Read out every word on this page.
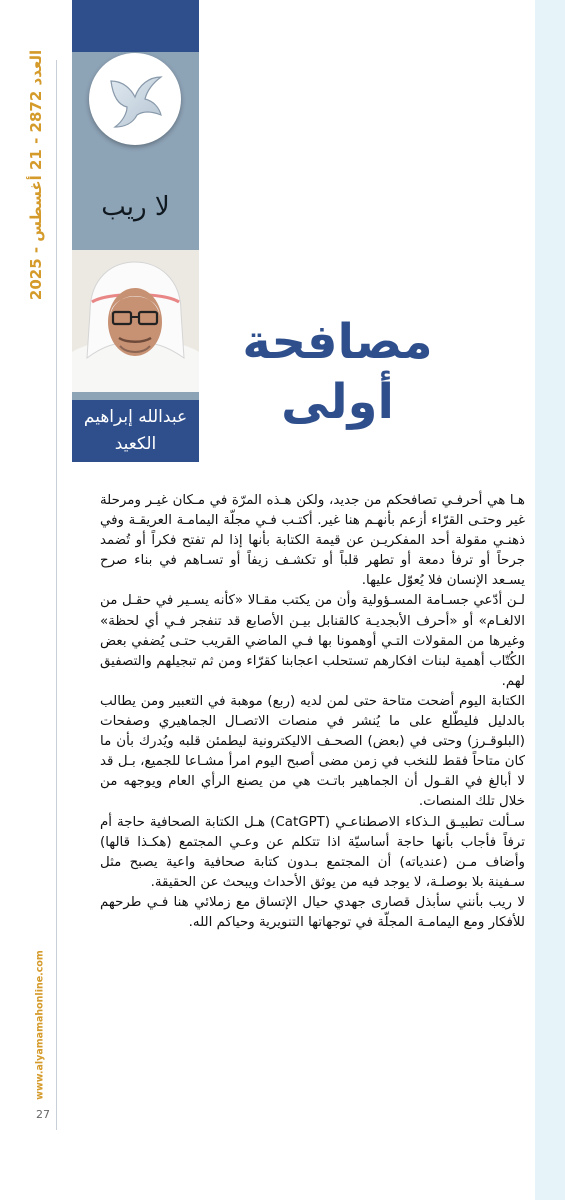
العدد 2872 - 21 أغسطس - 2025
www.alyamamahonline.com
27
لا ريب
عبدالله إبراهيم
الكعيد
مصافحة
أولى

هـا هي أحرفـي تصافحكم من جديد، ولكن هـذه المرّة في مـكان غيـر ومرحلة غير وحتـى القرّاء أزعم بأنهـم هنا غير. أكتـب فـي مجلّة اليمامـة العريقـة وفي ذهنـي مقولة أحد المفكريـن عن قيمة الكتابة بأنها إذا لم تفتح فكراً أو تُضمد جرحاً أو ترفأ دمعة أو تطهر قلباً أو تكشـف زيفاً أو تسـاهم في بناء صرح يسـعد الإنسان فلا يُعوّل عليها.

لـن أدّعي جسـامة المسـؤولية وأن من يكتب مقـالا «كأنه يسـير في حقـل من الالغـام» أو «أحرف الأبجديـة كالقنابل بيـن الأصابع قد تنفجر فـي أي لحظة» وغيرها من المقولات التـي أوهمونا بها فـي الماضي القريب حتـى يُضفي بعض الكُتّاب أهمية لبنات افكارهم تستحلب اعجابنا كقرّاء ومن ثم تبجيلهم والتصفيق لهم.

الكتابة اليوم أضحت متاحة حتى لمن لديه (ربع) موهبة في التعبير ومن يطالب بالدليل فليطّلع على ما يُنشر في منصات الاتصـال الجماهيري وصفحات (البلوقـرز) وحتى في (بعض) الصحـف الاليكترونية ليطمئن قلبه ويُدرك بأن ما كان متاحاً فقط للنخب في زمن مضى أصبح اليوم امرأ مشـاعا للجميع، بـل قد لا أبالغ في القـول أن الجماهير باتـت هي من يصنع الرأي العام ويوجهه من خلال تلك المنصات.

سـألت تطبيـق الـذكاء الاصطناعـي (CatGPT) هـل الكتابة الصحافية حاجة أم ترفاً فأجاب بأنها حاجة أساسيّة اذا تتكلم عن وعـي المجتمع (هكـذا قالها) وأضاف مـن (عنديات‍ه) أن المجتمع بـدون كتابة صحافية واعية يصبح مثل سـفينة بلا بوصلـة، لا يوجد فيه من يوثق الأحداث ويبحث عن الحقيقة.

لا ريب بأنني سأبذل قصارى جهدي حيال الإتساق مع زملائي هنا فـي طرحهم للأفكار ومع اليمامـة المجلّة في توجهاتها التنويرية وحياكم الله.
